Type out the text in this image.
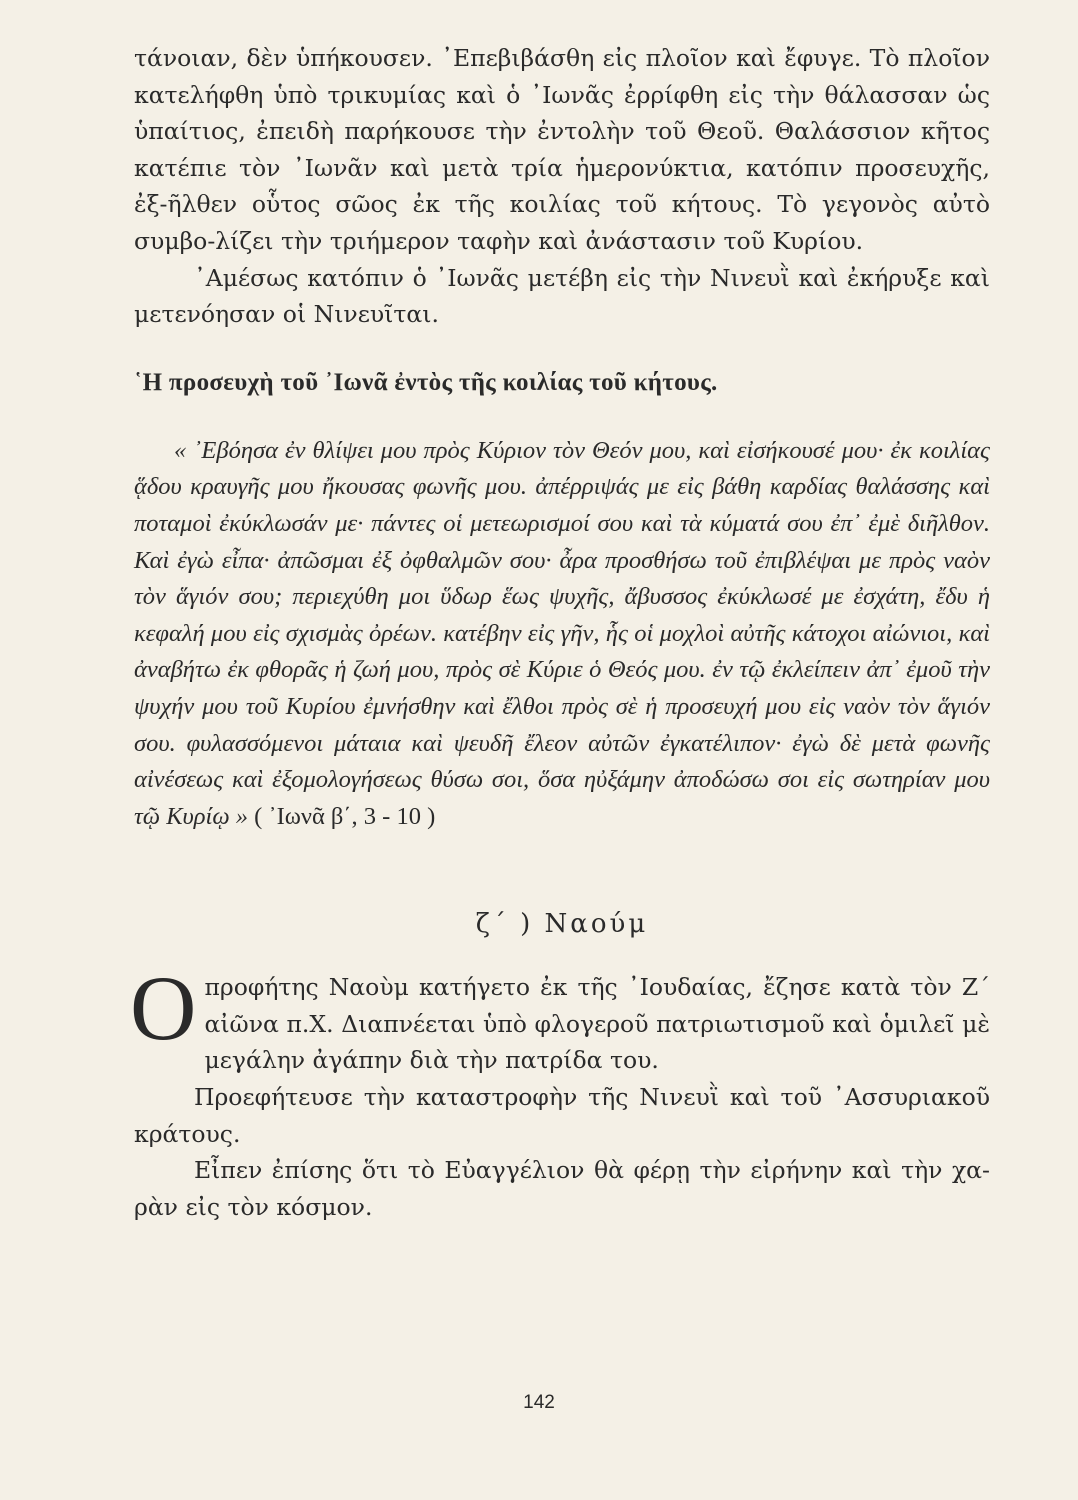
τάνοιαν, δὲν ὑπήκουσεν. ᾿Επεβιβάσθη εἰς πλοῖον καὶ ἔφυγε. Τὸ πλοῖον κατελήφθη ὑπὸ τρικυμίας καὶ ὁ ᾿Ιωνᾶς ἐρρίφθη εἰς τὴν θάλασσαν ὡς ὑπαίτιος, ἐπειδὴ παρήκουσε τὴν ἐντολὴν τοῦ Θεοῦ. Θαλάσσιον κῆτος κατέπιε τὸν ᾿Ιωνᾶν καὶ μετὰ τρία ἡμερονύκτια, κατόπιν προσευχῆς, ἐξ-ῆλθεν οὗτος σῶος ἐκ τῆς κοιλίας τοῦ κήτους. Τὸ γεγονὸς αὐτὸ συμβο-λίζει τὴν τριήμερον ταφὴν καὶ ἀνάστασιν τοῦ Κυρίου.

᾿Αμέσως κατόπιν ὁ ᾿Ιωνᾶς μετέβη εἰς τὴν Νινευῒ καὶ ἐκήρυξε καὶ μετενόησαν οἱ Νινευῖται.

῾Η προσευχὴ τοῦ ᾿Ιωνᾶ ἐντὸς τῆς κοιλίας τοῦ κήτους.

« ᾿Εβόησα ἐν θλίψει μου πρὸς Κύριον τὸν Θεόν μου, καὶ εἰσήκουσέ μου· ἐκ κοιλίας ᾅδου κραυγῆς μου ἤκουσας φωνῆς μου. ἀπέρριψάς με εἰς βάθη καρδίας θαλάσσης καὶ ποταμοὶ ἐκύκλωσάν με· πάντες οἱ μετεωρισμοί σου καὶ τὰ κύματά σου ἐπ᾿ ἐμὲ διῆλθον. Καὶ ἐγὼ εἶπα· ἀπῶσμαι ἐξ ὀφθαλμῶν σου· ἆρα προσθήσω τοῦ ἐπιβλέψαι με πρὸς ναὸν τὸν ἅγιόν σου; περιεχύθη μοι ὕδωρ ἕως ψυχῆς, ἄβυσσος ἐκύκλωσέ με ἐσχάτη, ἔδυ ἡ κεφαλή μου εἰς σχισμὰς ὀρέων. κατέβην εἰς γῆν, ἧς οἱ μοχλοὶ αὐτῆς κάτοχοι αἰώνιοι, καὶ ἀναβήτω ἐκ φθορᾶς ἡ ζωή μου, πρὸς σὲ Κύριε ὁ Θεός μου. ἐν τῷ ἐκλείπειν ἀπ᾿ ἐμοῦ τὴν ψυχήν μου τοῦ Κυρίου ἐμνήσθην καὶ ἔλθοι πρὸς σὲ ἡ προσευχή μου εἰς ναὸν τὸν ἅγιόν σου. φυλασσόμενοι μάταια καὶ ψευδῆ ἔλεον αὐτῶν ἐγκατέλιπον· ἐγὼ δὲ μετὰ φωνῆς αἰνέσεως καὶ ἐξομολογήσεως θύσω σοι, ὅσα ηὐξάμην ἀποδώσω σοι εἰς σωτηρίαν μου τῷ Κυρίῳ » ( ᾿Ιωνᾶ β΄, 3 - 10 )

ζ΄ ) Ναούμ
Ο προφήτης Ναοὺμ κατήγετο ἐκ τῆς ᾿Ιουδαίας, ἔζησε κατὰ τὸν Ζ΄ αἰῶνα π.Χ. Διαπνέεται ὑπὸ φλογεροῦ πατριωτισμοῦ καὶ ὁμιλεῖ μὲ μεγάλην ἀγάπην διὰ τὴν πατρίδα του.

Προεφήτευσε τὴν καταστροφὴν τῆς Νινευῒ καὶ τοῦ ᾿Ασσυριακοῦ κράτους.

Εἶπεν ἐπίσης ὅτι τὸ Εὐαγγέλιον θὰ φέρῃ τὴν εἰρήνην καὶ τὴν χα-ρὰν εἰς τὸν κόσμον.

142
